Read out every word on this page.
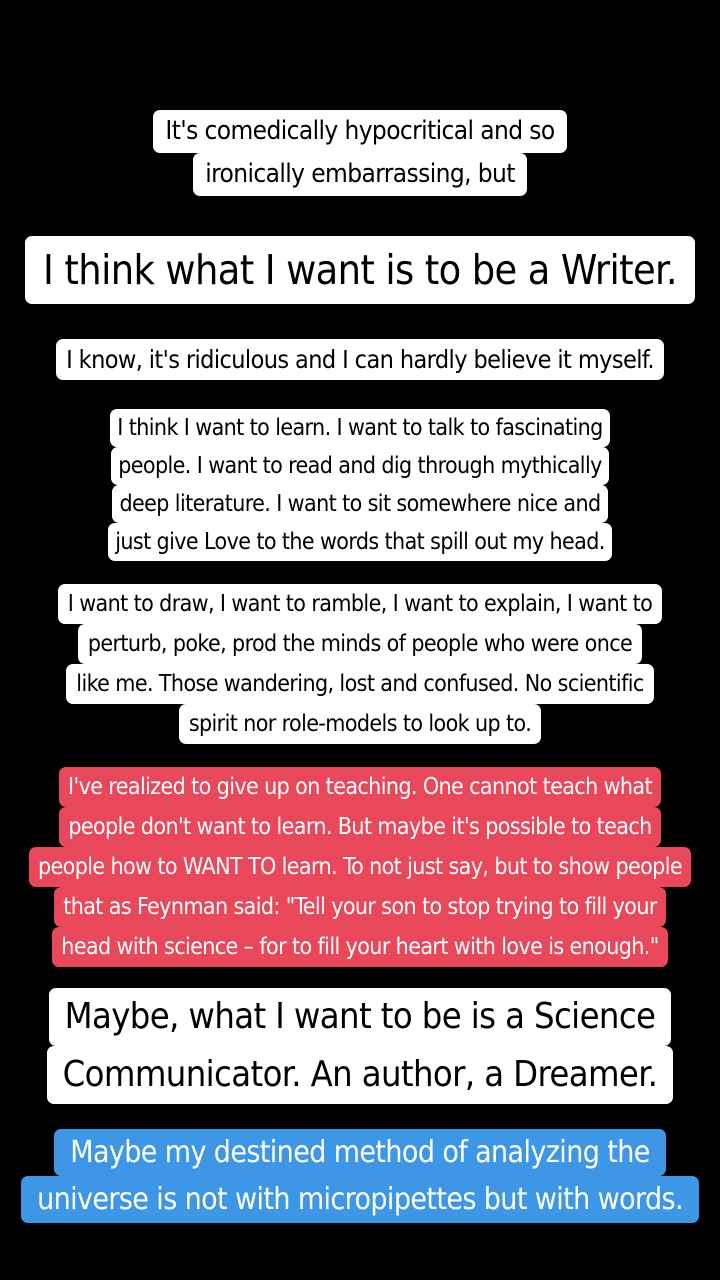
It's comedically hypocritical and so
ironically embarrassing, but
I think what I want is to be a Writer.
I know, it's ridiculous and I can hardly believe it myself.
I think I want to learn. I want to talk to fascinating
people. I want to read and dig through mythically
deep literature. I want to sit somewhere nice and
just give Love to the words that spill out my head.
I want to draw, I want to ramble, I want to explain, I want to
perturb, poke, prod the minds of people who were once
like me. Those wandering, lost and confused. No scientific
spirit nor role-models to look up to.
I've realized to give up on teaching. One cannot teach what
people don't want to learn. But maybe it's possible to teach
people how to WANT TO learn. To not just say, but to show people
that as Feynman said: "Tell your son to stop trying to fill your
head with science – for to fill your heart with love is enough."
Maybe, what I want to be is a Science
Communicator. An author, a Dreamer.
Maybe my destined method of analyzing the
universe is not with micropipettes but with words.
